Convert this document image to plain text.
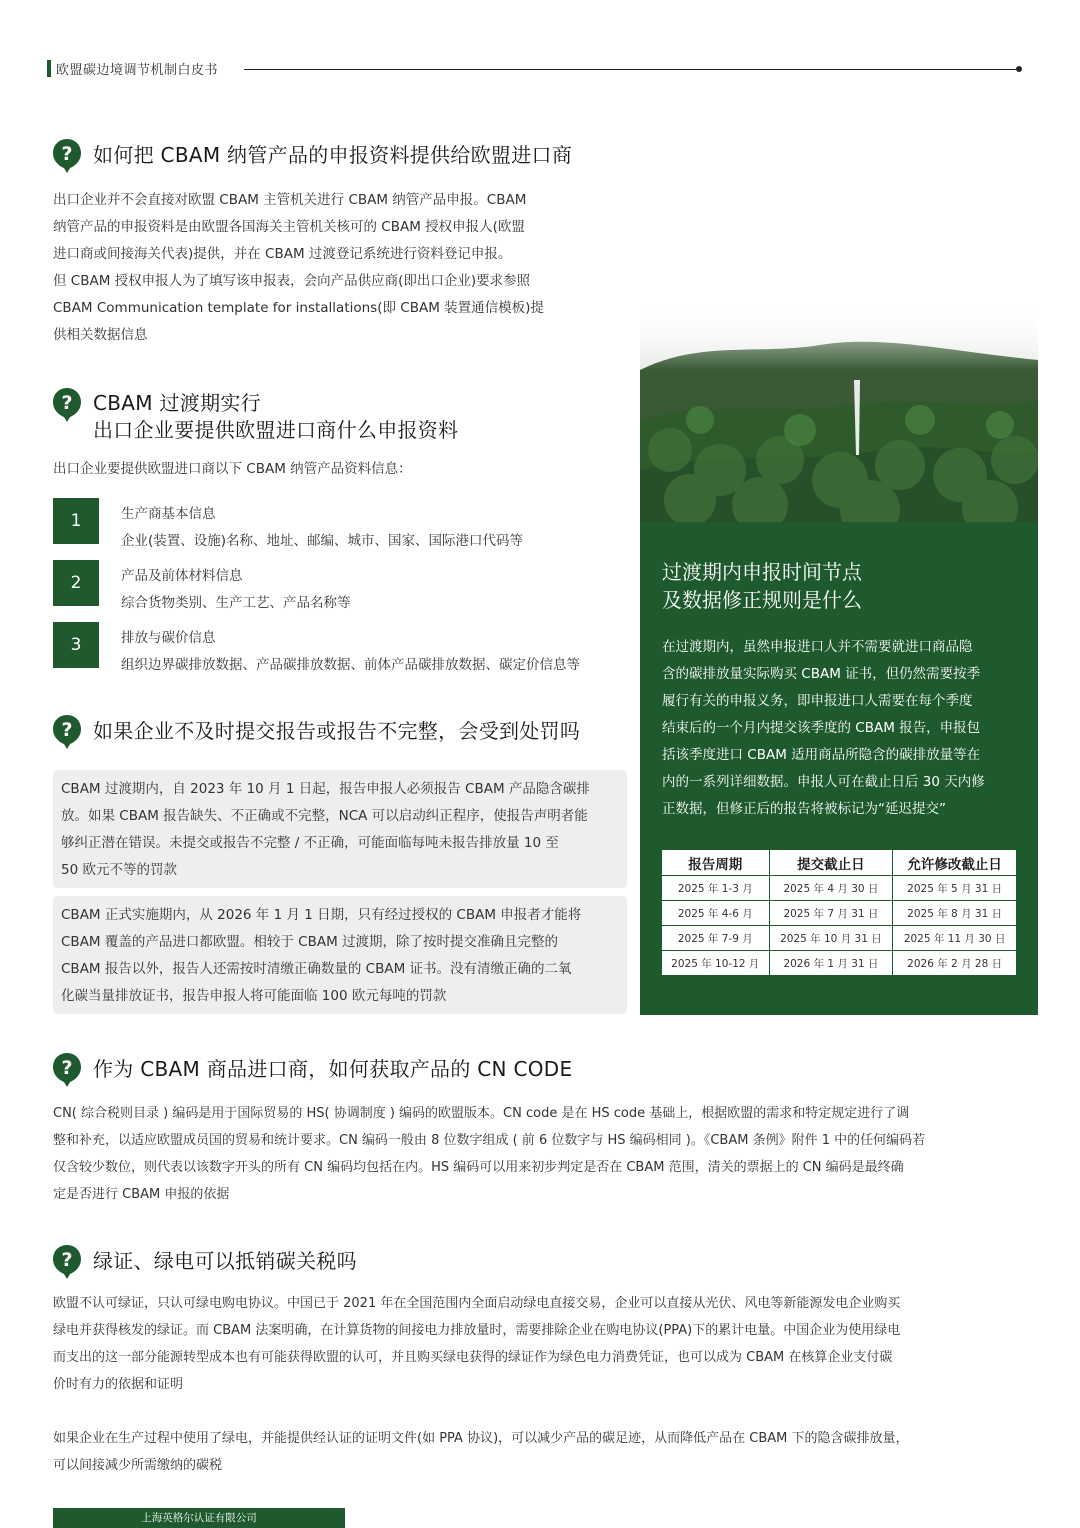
欧盟碳边境调节机制白皮书
如何把 CBAM 纳管产品的申报资料提供给欧盟进口商
出口企业并不会直接对欧盟 CBAM 主管机关进行 CBAM 纳管产品申报。CBAM
纳管产品的申报资料是由欧盟各国海关主管机关核可的 CBAM 授权申报人(欧盟
进口商或间接海关代表)提供，并在 CBAM 过渡登记系统进行资料登记申报。
但 CBAM 授权申报人为了填写该申报表，会向产品供应商(即出口企业)要求参照
CBAM Communication template for installations(即 CBAM 装置通信模板)提
供相关数据信息
CBAM 过渡期实行
出口企业要提供欧盟进口商什么申报资料
出口企业要提供欧盟进口商以下 CBAM 纳管产品资料信息：
1	生产商基本信息
企业(装置、设施)名称、地址、邮编、城市、国家、国际港口代码等
2	产品及前体材料信息
综合货物类别、生产工艺、产品名称等
3	排放与碳价信息
组织边界碳排放数据、产品碳排放数据、前体产品碳排放数据、碳定价信息等
如果企业不及时提交报告或报告不完整，会受到处罚吗
CBAM 过渡期内，自 2023 年 10 月 1 日起，报告申报人必须报告 CBAM 产品隐含碳排
放。如果 CBAM 报告缺失、不正确或不完整，NCA 可以启动纠正程序，使报告声明者能
够纠正潜在错误。未提交或报告不完整 / 不正确，可能面临每吨未报告排放量 10 至
50 欧元不等的罚款
CBAM 正式实施期内，从 2026 年 1 月 1 日期，只有经过授权的 CBAM 申报者才能将
CBAM 覆盖的产品进口都欧盟。相较于 CBAM 过渡期，除了按时提交准确且完整的
CBAM 报告以外，报告人还需按时清缴正确数量的 CBAM 证书。没有清缴正确的二氧
化碳当量排放证书，报告申报人将可能面临 100 欧元每吨的罚款
过渡期内申报时间节点
及数据修正规则是什么
在过渡期内，虽然申报进口人并不需要就进口商品隐
含的碳排放量实际购买 CBAM 证书，但仍然需要按季
履行有关的申报义务，即申报进口人需要在每个季度
结束后的一个月内提交该季度的 CBAM 报告，申报包
括该季度进口 CBAM 适用商品所隐含的碳排放量等在
内的一系列详细数据。申报人可在截止日后 30 天内修
正数据，但修正后的报告将被标记为“延迟提交”
报告周期	提交截止日	允许修改截止日
2025 年 1-3 月	2025 年 4 月 30 日	2025 年 5 月 31 日
2025 年 4-6 月	2025 年 7 月 31 日	2025 年 8 月 31 日
2025 年 7-9 月	2025 年 10 月 31 日	2025 年 11 月 30 日
2025 年 10-12 月	2026 年 1 月 31 日	2026 年 2 月 28 日
作为 CBAM 商品进口商，如何获取产品的 CN CODE
CN( 综合税则目录 ) 编码是用于国际贸易的 HS( 协调制度 ) 编码的欧盟版本。CN code 是在 HS code 基础上，根据欧盟的需求和特定规定进行了调
整和补充，以适应欧盟成员国的贸易和统计要求。CN 编码一般由 8 位数字组成 ( 前 6 位数字与 HS 编码相同 )。《CBAM 条例》附件 1 中的任何编码若
仅含较少数位，则代表以该数字开头的所有 CN 编码均包括在内。HS 编码可以用来初步判定是否在 CBAM 范围，清关的票据上的 CN 编码是最终确
定是否进行 CBAM 申报的依据
绿证、绿电可以抵销碳关税吗
欧盟不认可绿证，只认可绿电购电协议。中国已于 2021 年在全国范围内全面启动绿电直接交易，企业可以直接从光伏、风电等新能源发电企业购买
绿电并获得核发的绿证。而 CBAM 法案明确，在计算货物的间接电力排放量时，需要排除企业在购电协议(PPA)下的累计电量。中国企业为使用绿电
而支出的这一部分能源转型成本也有可能获得欧盟的认可，并且购买绿电获得的绿证作为绿色电力消费凭证，也可以成为 CBAM 在核算企业支付碳
价时有力的依据和证明
如果企业在生产过程中使用了绿电，并能提供经认证的证明文件(如 PPA 协议)，可以减少产品的碳足迹，从而降低产品在 CBAM 下的隐含碳排放量，
可以间接减少所需缴纳的碳税
上海英格尔认证有限公司
